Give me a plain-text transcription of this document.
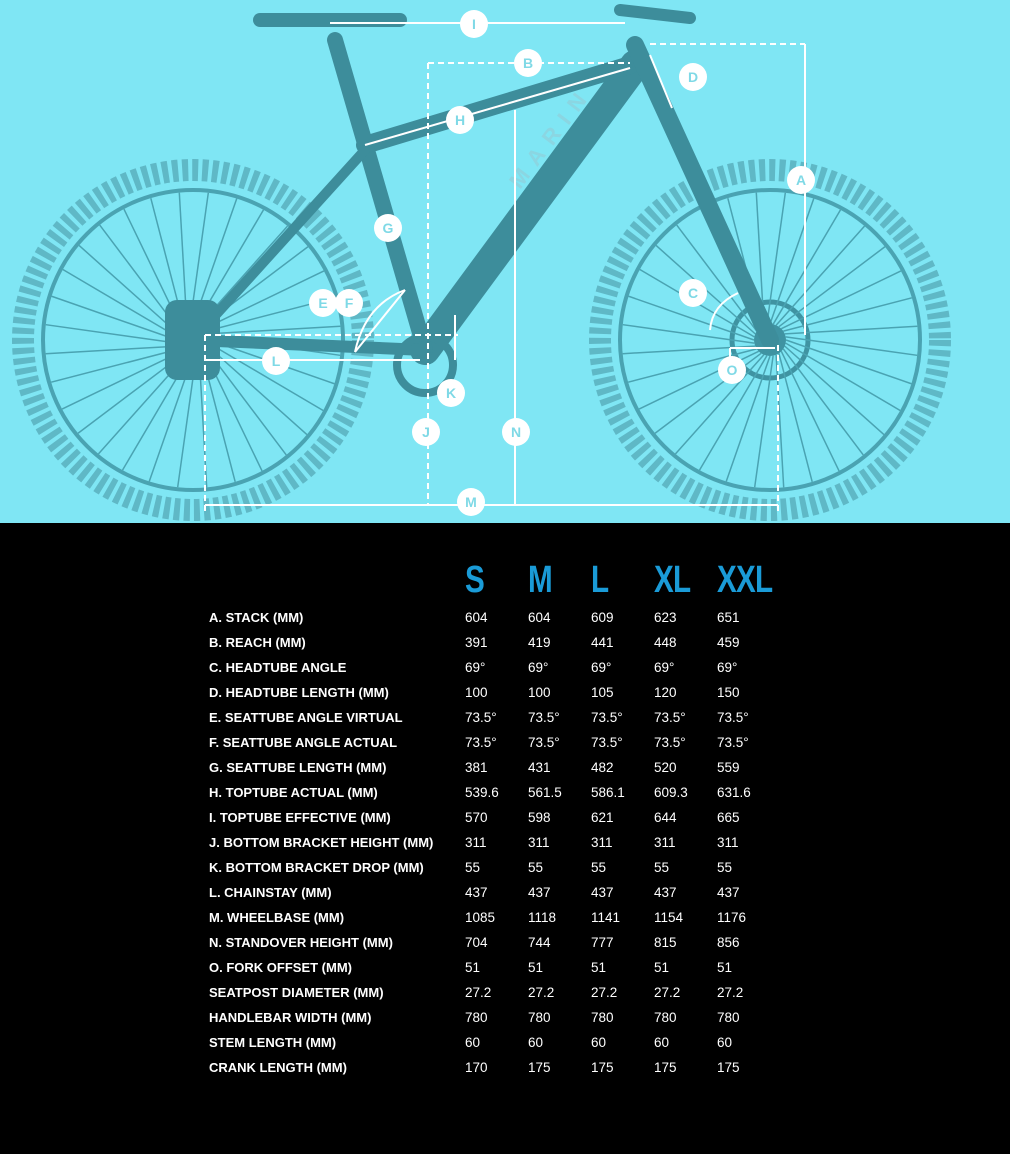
MARIN	A
B
C
D
E F
G
H
I
J
K
L
M
N
O
S M L XL XXL
A. STACK (MM)	604	604	609	623	651
B. REACH (MM)	391	419	441	448	459
C. HEADTUBE ANGLE	69°	69°	69°	69°	69°
D. HEADTUBE LENGTH (MM)	100	100	105	120	150
E. SEATTUBE ANGLE VIRTUAL	73.5° 73.5° 73.5° 73.5° 73.5°
F. SEATTUBE ANGLE ACTUAL	73.5° 73.5° 73.5° 73.5° 73.5°
G. SEATTUBE LENGTH (MM)	381	431	482	520	559
H. TOPTUBE ACTUAL (MM)	539.6 561.5 586.1 609.3 631.6
I. TOPTUBE EFFECTIVE (MM)	570	598	621	644	665
J. BOTTOM BRACKET HEIGHT (MM) 311	311	311	311	311
K. BOTTOM BRACKET DROP (MM)	55	55	55	55	55
L. CHAINSTAY (MM)	437	437	437	437	437
M. WHEELBASE (MM)	1085 1118	1141	1154	1176
N. STANDOVER HEIGHT (MM)	704	744	777	815	856
O. FORK OFFSET (MM)	51	51	51	51	51
SEATPOST DIAMETER (MM)	27.2	27.2	27.2	27.2	27.2
HANDLEBAR WIDTH (MM)	780	780	780	780	780
STEM LENGTH (MM)	60	60	60	60	60
CRANK LENGTH (MM)	170	175	175	175	175
